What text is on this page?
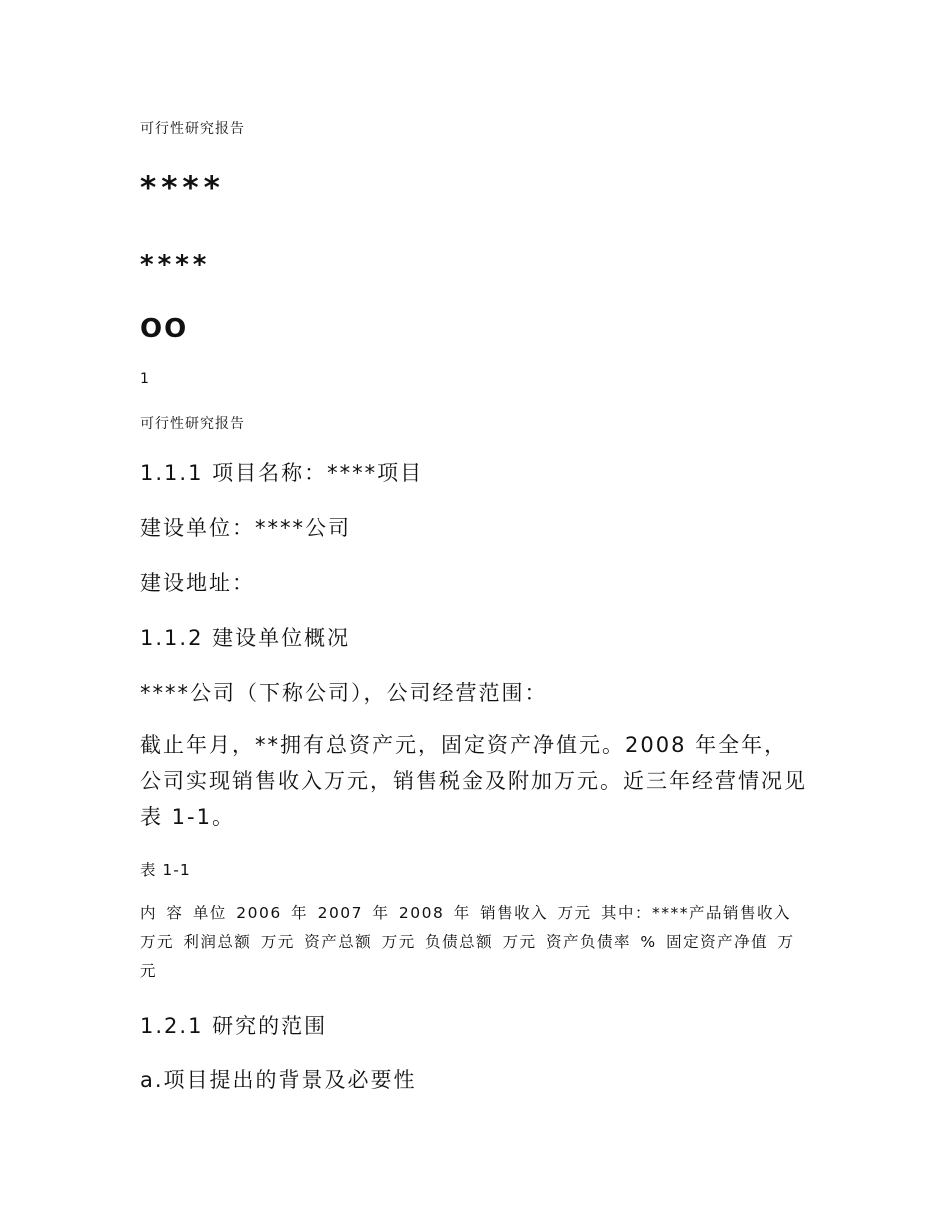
可行性研究报告
****
****
OO
1
可行性研究报告
1.1.1 项目名称：****项目
建设单位：****公司
建设地址：
1.1.2 建设单位概况
****公司（下称公司），公司经营范围：

截止年月，**拥有总资产元，固定资产净值元。2008 年全年，公司实现销售收入万元，销售税金及附加万元。近三年经营情况见表 1-1。

表 1-1

内 容 单位 2006 年 2007 年 2008 年 销售收入 万元 其中：****产品销售收入 万元 利润总额 万元 资产总额 万元 负债总额 万元 资产负债率 % 固定资产净值 万元

1.2.1 研究的范围
a.项目提出的背景及必要性
